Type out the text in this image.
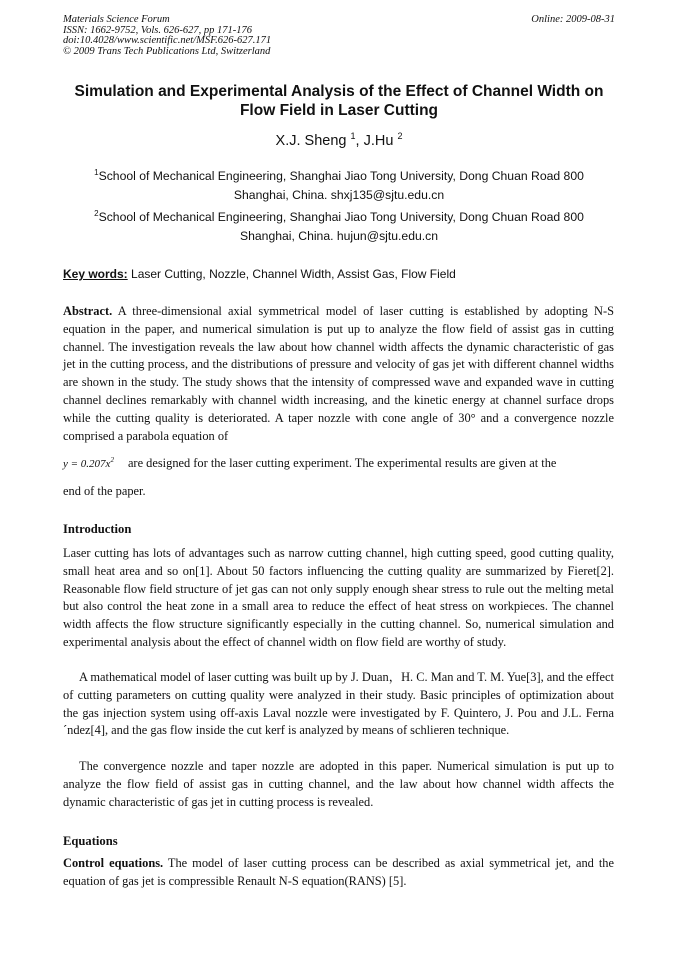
Materials Science Forum
ISSN: 1662-9752, Vols. 626-627, pp 171-176
doi:10.4028/www.scientific.net/MSF.626-627.171
© 2009 Trans Tech Publications Ltd, Switzerland
Online: 2009-08-31
Simulation and Experimental Analysis of the Effect of Channel Width on Flow Field in Laser Cutting
X.J. Sheng $^1$, J.Hu $^2$
$^1$School of Mechanical Engineering, Shanghai Jiao Tong University, Dong Chuan Road 800
Shanghai, China. shxj135@sjtu.edu.cn
$^2$School of Mechanical Engineering, Shanghai Jiao Tong University, Dong Chuan Road 800
Shanghai, China. hujun@sjtu.edu.cn
Key words: Laser Cutting, Nozzle, Channel Width, Assist Gas, Flow Field
Abstract. A three-dimensional axial symmetrical model of laser cutting is established by adopting N-S equation in the paper, and numerical simulation is put up to analyze the flow field of assist gas in cutting channel. The investigation reveals the law about how channel width affects the dynamic characteristic of gas jet in the cutting process, and the distributions of pressure and velocity of gas jet with different channel widths are shown in the study. The study shows that the intensity of compressed wave and expanded wave in cutting channel declines remarkably with channel width increasing, and the kinetic energy at channel surface drops while the cutting quality is deteriorated. A taper nozzle with cone angle of 30° and a convergence nozzle comprised a parabola equation of
$y = 0.207x^2$ are designed for the laser cutting experiment. The experimental results are given at the
end of the paper.
Introduction
Laser cutting has lots of advantages such as narrow cutting channel, high cutting speed, good cutting quality, small heat area and so on[1]. About 50 factors influencing the cutting quality are summarized by Fieret[2]. Reasonable flow field structure of jet gas can not only supply enough shear stress to rule out the melting metal but also control the heat zone in a small area to reduce the effect of heat stress on workpieces. The channel width affects the flow structure significantly especially in the cutting channel. So, numerical simulation and experimental analysis about the effect of channel width on flow field are worthy of study.
A mathematical model of laser cutting was built up by J. Duan，H. C. Man and T. M. Yue[3], and the effect of cutting parameters on cutting quality were analyzed in their study. Basic principles of optimization about the gas injection system using off-axis Laval nozzle were investigated by F. Quintero, J. Pou and J.L. Ferna´ndez[4], and the gas flow inside the cut kerf is analyzed by means of schlieren technique.
The convergence nozzle and taper nozzle are adopted in this paper. Numerical simulation is put up to analyze the flow field of assist gas in cutting channel, and the law about how channel width affects the dynamic characteristic of gas jet in cutting process is revealed.
Equations
Control equations. The model of laser cutting process can be described as axial symmetrical jet, and the equation of gas jet is compressible Renault N-S equation(RANS) [5].
